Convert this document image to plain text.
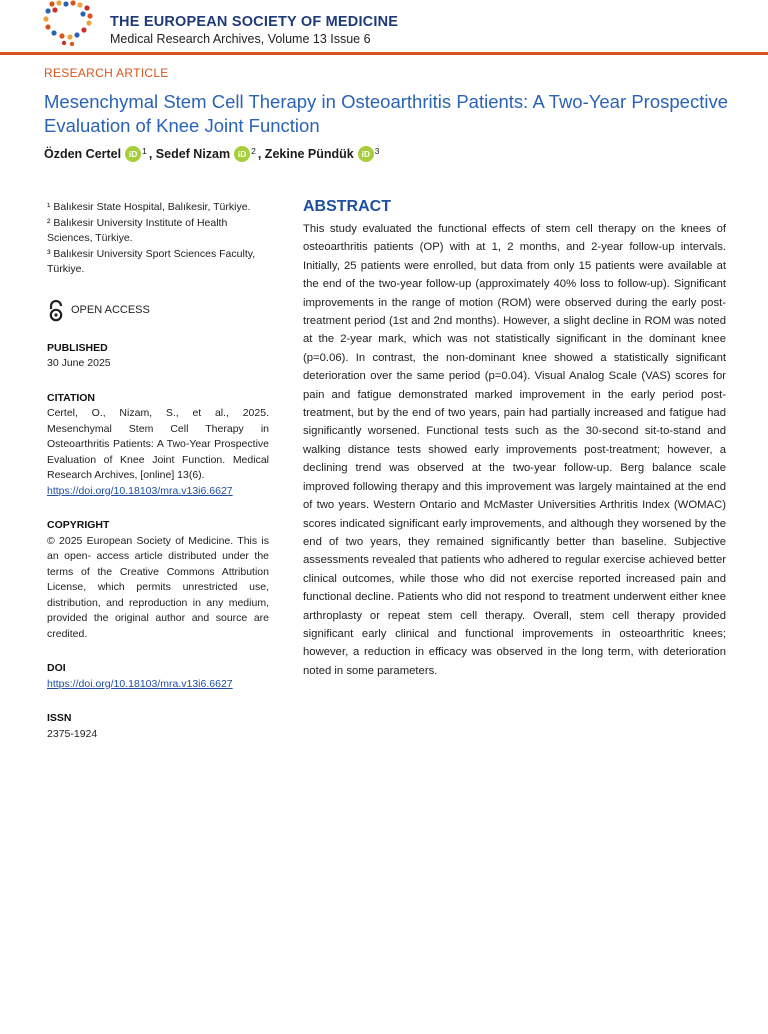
THE EUROPEAN SOCIETY OF MEDICINE
Medical Research Archives, Volume 13 Issue 6
RESEARCH ARTICLE
Mesenchymal Stem Cell Therapy in Osteoarthritis Patients: A Two-Year Prospective Evaluation of Knee Joint Function
Özden Certel iD 1 , Sedef Nizam iD 2 , Zekine Pündük iD 3
¹ Balıkesir State Hospital, Balıkesir, Türkiye.
² Balıkesir University Institute of Health Sciences, Türkiye.
³ Balıkesir University Sport Sciences Faculty, Türkiye.
OPEN ACCESS
PUBLISHED
30 June 2025
CITATION
Certel, O., Nizam, S., et al., 2025. Mesenchymal Stem Cell Therapy in Osteoarthritis Patients: A Two-Year Prospective Evaluation of Knee Joint Function. Medical Research Archives, [online] 13(6).
https://doi.org/10.18103/mra.v13i6.6627
COPYRIGHT
© 2025 European Society of Medicine. This is an open- access article distributed under the terms of the Creative Commons Attribution License, which permits unrestricted use, distribution, and reproduction in any medium, provided the original author and source are credited.
DOI
https://doi.org/10.18103/mra.v13i6.6627
ISSN
2375-1924
ABSTRACT
This study evaluated the functional effects of stem cell therapy on the knees of osteoarthritis patients (OP) with at 1, 2 months, and 2-year follow-up intervals. Initially, 25 patients were enrolled, but data from only 15 patients were available at the end of the two-year follow-up (approximately 40% loss to follow-up). Significant improvements in the range of motion (ROM) were observed during the early post-treatment period (1st and 2nd months). However, a slight decline in ROM was noted at the 2-year mark, which was not statistically significant in the dominant knee (p=0.06). In contrast, the non-dominant knee showed a statistically significant deterioration over the same period (p=0.04). Visual Analog Scale (VAS) scores for pain and fatigue demonstrated marked improvement in the early period post-treatment, but by the end of two years, pain had partially increased and fatigue had significantly worsened. Functional tests such as the 30-second sit-to-stand and walking distance tests showed early improvements post-treatment; however, a declining trend was observed at the two-year follow-up. Berg balance scale improved following therapy and this improvement was largely maintained at the end of two years. Western Ontario and McMaster Universities Arthritis Index (WOMAC) scores indicated significant early improvements, and although they worsened by the end of two years, they remained significantly better than baseline. Subjective assessments revealed that patients who adhered to regular exercise achieved better clinical outcomes, while those who did not exercise reported increased pain and functional decline. Patients who did not respond to treatment underwent either knee arthroplasty or repeat stem cell therapy. Overall, stem cell therapy provided significant early clinical and functional improvements in osteoarthritic knees; however, a reduction in efficacy was observed in the long term, with deterioration noted in some parameters.
